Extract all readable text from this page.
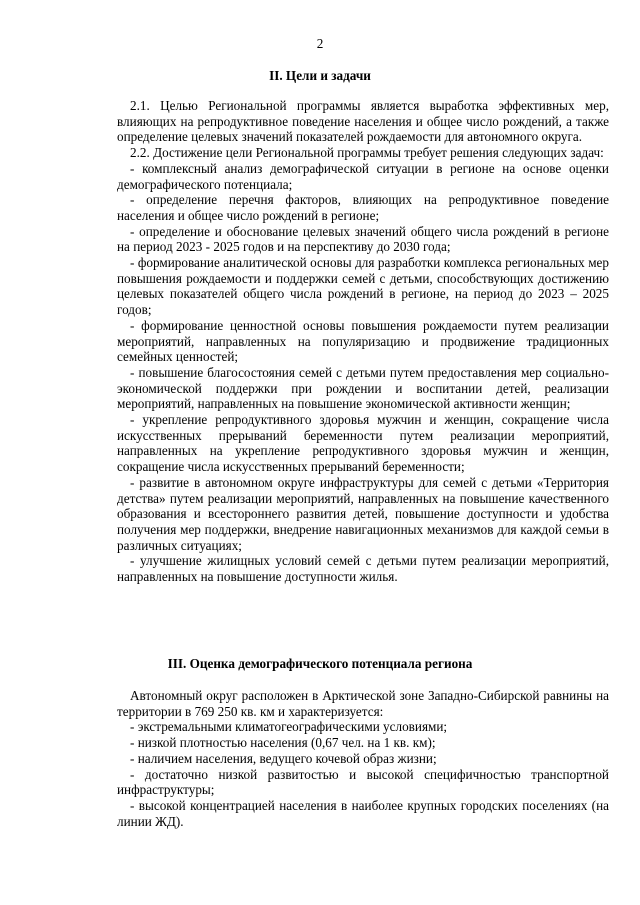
2
II. Цели и задачи

2.1. Целью Региональной программы является выработка эффективных мер, влияющих на репродуктивное поведение населения и общее число рождений, а также определение целевых значений показателей рождаемости для автономного округа.

2.2. Достижение цели Региональной программы требует решения следующих задач:

- комплексный анализ демографической ситуации в регионе на основе оценки демографического потенциала;

- определение перечня факторов, влияющих на репродуктивное поведение населения и общее число рождений в регионе;

- определение и обоснование целевых значений общего числа рождений в регионе на период 2023 - 2025 годов и на перспективу до 2030 года;

- формирование аналитической основы для разработки комплекса региональных мер повышения рождаемости и поддержки семей с детьми, способствующих достижению целевых показателей общего числа рождений в регионе, на период до 2023 – 2025 годов;

- формирование ценностной основы повышения рождаемости путем реализации мероприятий, направленных на популяризацию и продвижение традиционных семейных ценностей;

- повышение благосостояния семей с детьми путем предоставления мер социально-экономической поддержки при рождении и воспитании детей, реализации мероприятий, направленных на повышение экономической активности женщин;

- укрепление репродуктивного здоровья мужчин и женщин, сокращение числа искусственных прерываний беременности путем реализации мероприятий, направленных на укрепление репродуктивного здоровья мужчин и женщин, сокращение числа искусственных прерываний беременности;

- развитие в автономном округе инфраструктуры для семей с детьми «Территория детства» путем реализации мероприятий, направленных на повышение качественного образования и всестороннего развития детей, повышение доступности и удобства получения мер поддержки, внедрение навигационных механизмов для каждой семьи в различных ситуациях;

- улучшение жилищных условий семей с детьми путем реализации мероприятий, направленных на повышение доступности жилья.

III. Оценка демографического потенциала региона

Автономный округ расположен в Арктической зоне Западно-Сибирской равнины на территории в 769 250 кв. км и характеризуется:

- экстремальными климатогеографическими условиями;

- низкой плотностью населения (0,67 чел. на 1 кв. км);

- наличием населения, ведущего кочевой образ жизни;

- достаточно низкой развитостью и высокой специфичностью транспортной инфраструктуры;

- высокой концентрацией населения в наиболее крупных городских поселениях (на линии ЖД).
